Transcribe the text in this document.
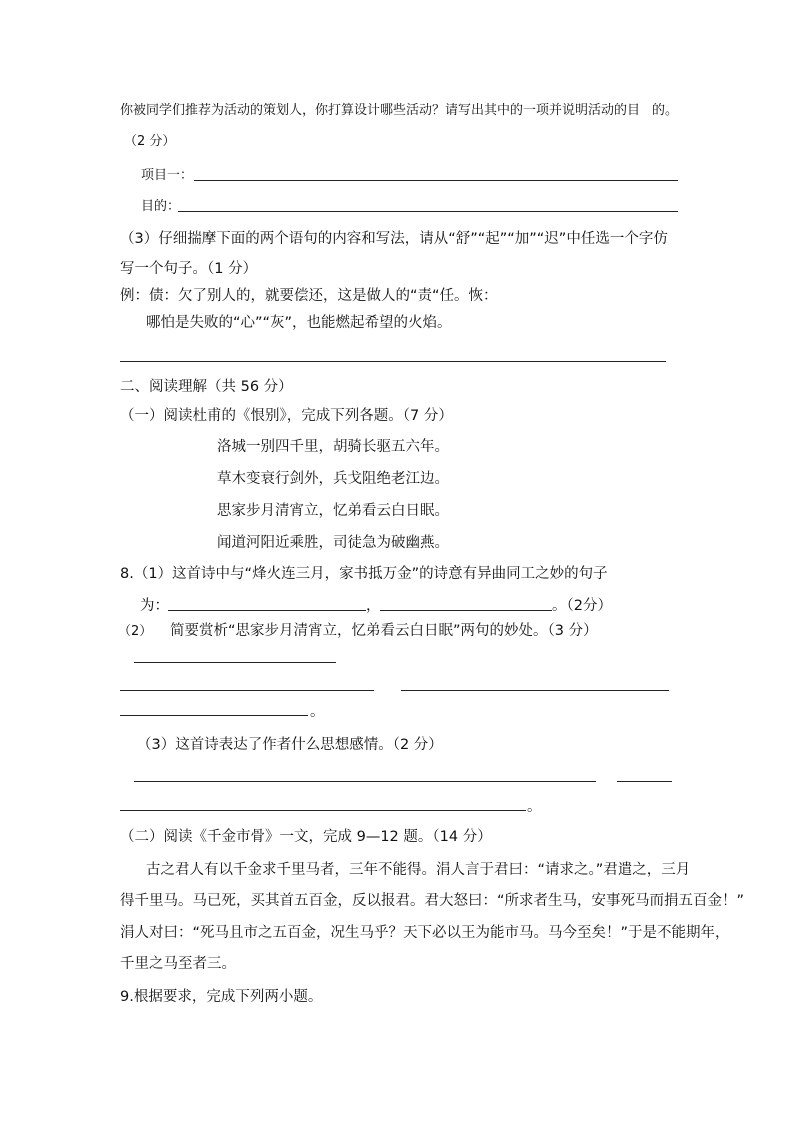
你被同学们推荐为活动的策划人，你打算设计哪些活动？请写出其中的一项并说明活动的目 的。
（2 分）
项目一：
目的：
（3）仔细揣摩下面的两个语句的内容和写法，请从“舒”“起”“加”“迟”中任选一个字仿
写一个句子。（1 分）
例：债：欠了别人的，就要偿还，这是做人的“责“任。恢：
哪怕是失败的“心”“灰”，也能燃起希望的火焰。
二、阅读理解（共 56 分）
（一）阅读杜甫的《恨别》，完成下列各题。（7 分）
洛城一别四千里，胡骑长驱五六年。
草木变衰行剑外，兵戈阻绝老江边。
思家步月清宵立，忆弟看云白日眠。
闻道河阳近乘胜，司徒急为破幽燕。
8.（1）这首诗中与“烽火连三月，家书抵万金”的诗意有异曲同工之妙的句子
为：	，	。（2分）
（2） 简要赏析“思家步月清宵立，忆弟看云白日眠”两句的妙处。（3 分）
。
（3）这首诗表达了作者什么思想感情。（2 分）
。
（二）阅读《千金市骨》一文，完成 9—12 题。（14 分）
古之君人有以千金求千里马者，三年不能得。涓人言于君曰：“请求之。”君遣之，三月
得千里马。马已死，买其首五百金，反以报君。君大怒曰：“所求者生马，安事死马而捐五百金！”
涓人对曰：“死马且市之五百金，况生马乎？天下必以王为能市马。马今至矣！”于是不能期年，
千里之马至者三。
9.根据要求，完成下列两小题。
